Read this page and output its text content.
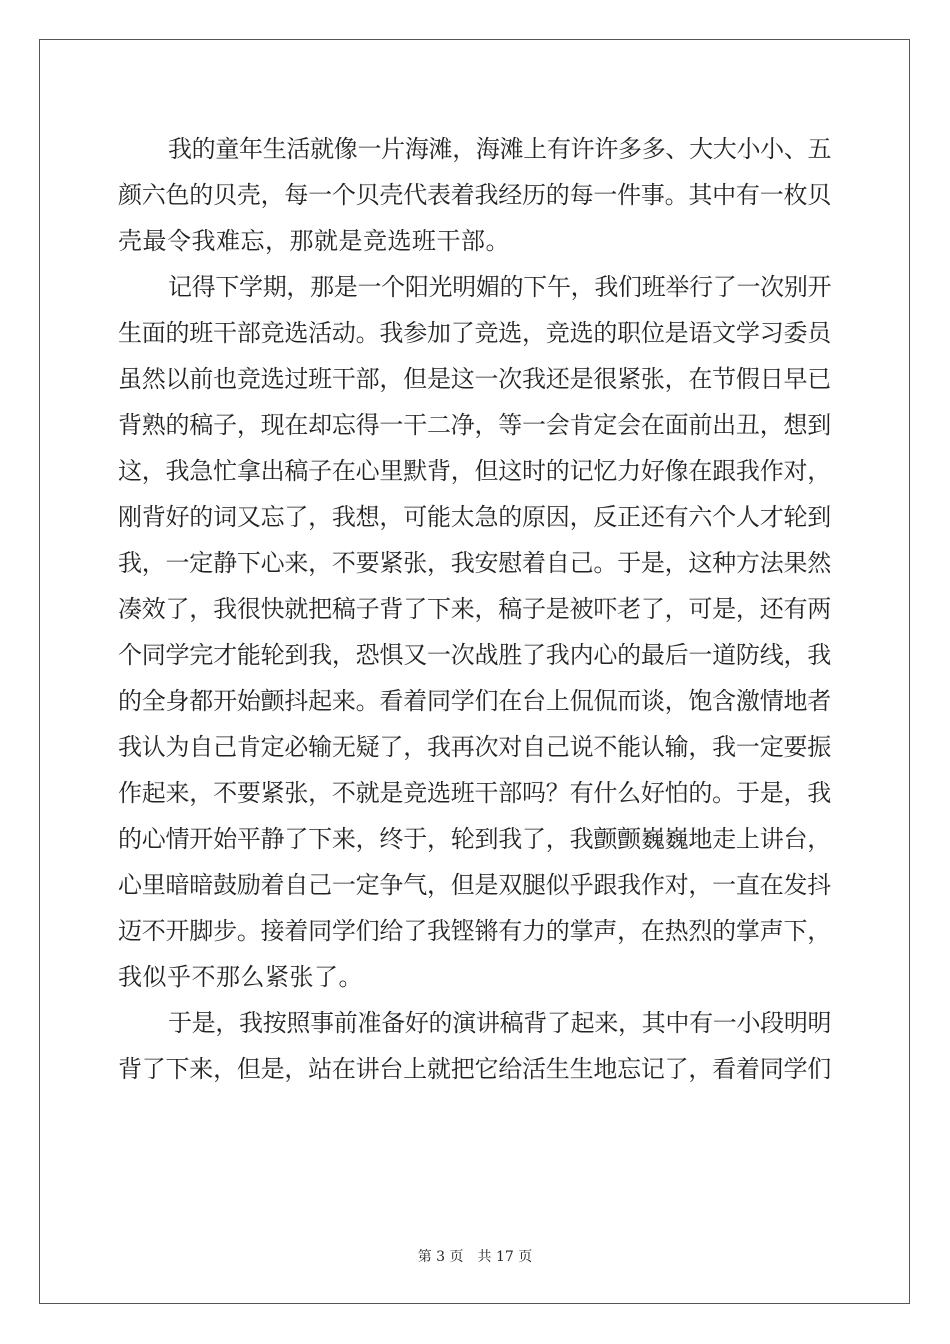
我的童年生活就像一片海滩，海滩上有许许多多、大大小小、五
颜六色的贝壳，每一个贝壳代表着我经历的每一件事。其中有一枚贝
壳最令我难忘，那就是竞选班干部。
记得下学期，那是一个阳光明媚的下午，我们班举行了一次别开
生面的班干部竞选活动。我参加了竞选，竞选的职位是语文学习委员
虽然以前也竞选过班干部，但是这一次我还是很紧张，在节假日早已
背熟的稿子，现在却忘得一干二净，等一会肯定会在面前出丑，想到
这，我急忙拿出稿子在心里默背，但这时的记忆力好像在跟我作对，
刚背好的词又忘了，我想，可能太急的原因，反正还有六个人才轮到
我，一定静下心来，不要紧张，我安慰着自己。于是，这种方法果然
凑效了，我很快就把稿子背了下来，稿子是被吓老了，可是，还有两
个同学完才能轮到我，恐惧又一次战胜了我内心的最后一道防线，我
的全身都开始颤抖起来。看着同学们在台上侃侃而谈，饱含激情地者
我认为自己肯定必输无疑了，我再次对自己说不能认输，我一定要振
作起来，不要紧张，不就是竞选班干部吗？有什么好怕的。于是，我
的心情开始平静了下来，终于，轮到我了，我颤颤巍巍地走上讲台，
心里暗暗鼓励着自己一定争气，但是双腿似乎跟我作对，一直在发抖
迈不开脚步。接着同学们给了我铿锵有力的掌声，在热烈的掌声下，
我似乎不那么紧张了。
于是，我按照事前准备好的演讲稿背了起来，其中有一小段明明
背了下来，但是，站在讲台上就把它给活生生地忘记了，看着同学们
第 3 页 共 17 页
